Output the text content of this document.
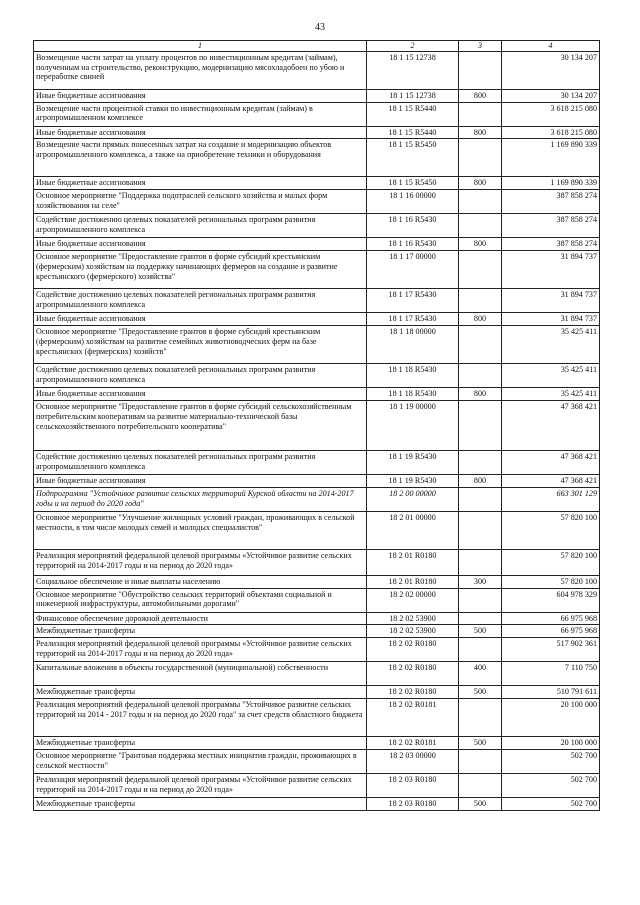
43
1	2	3	4
Возмещение части затрат на уплату процентов по инвестиционным кредитам (займам), полученным на строительство, реконструкцию, модернизацию мясохладобоен по убою и переработке свиней	18 1 15 12738		30 134 207
Иные бюджетные ассигнования	18 1 15 12738	800	30 134 207
Возмещение части процентной ставки по инвестиционным кредитам (займам) в агропромышленном комплексе	18 1 15 R5440		3 618 215 080
Иные бюджетные ассигнования	18 1 15 R5440	800	3 618 215 080
Возмещение части прямых понесенных затрат на создание и модернизацию объектов агропромышленного комплекса, а также на приобретение техники и оборудования	18 1 15 R5450		1 169 890 339
Иные бюджетные ассигнования	18 1 15 R5450	800	1 169 890 339
Основное мероприятие "Поддержка подотраслей сельского хозяйства и малых форм хозяйствования на селе"	18 1 16 00000		387 858 274
Содействие достижению целевых показателей региональных программ развития агропромышленного комплекса	18 1 16 R5430		387 858 274
Иные бюджетные ассигнования	18 1 16 R5430	800	387 858 274
Основное мероприятие "Предоставление грантов в форме субсидий крестьянским (фермерским) хозяйствам на поддержку начинающих фермеров на создание и развитие крестьянского (фермерского) хозяйства"	18 1 17 00000		31 894 737
Содействие достижению целевых показателей региональных программ развития агропромышленного комплекса	18 1 17 R5430		31 894 737
Иные бюджетные ассигнования	18 1 17 R5430	800	31 894 737
Основное мероприятие "Предоставление грантов в форме субсидий крестьянским (фермерским) хозяйствам на развитие семейных животноводческих ферм на базе крестьянских (фермерских) хозяйств"	18 1 18 00000		35 425 411
Содействие достижению целевых показателей региональных программ развития агропромышленного комплекса	18 1 18 R5430		35 425 411
Иные бюджетные ассигнования	18 1 18 R5430	800	35 425 411
Основное мероприятие "Предоставление грантов в форме субсидий сельскохозяйственным потребительским кооперативам на развитие материально-технической базы сельскохозяйственного потребительского кооператива"	18 1 19 00000		47 368 421
Содействие достижению целевых показателей региональных программ развития агропромышленного комплекса	18 1 19 R5430		47 368 421
Иные бюджетные ассигнования	18 1 19 R5430	800	47 368 421
Подпрограмма "Устойчивое развитие сельских территорий Курской области на 2014-2017 годы и на период до 2020 года"	18 2 00 00000		663 301 129
Основное мероприятие "Улучшение жилищных условий граждан, проживающих в сельской местности, в том числе молодых семей и молодых специалистов"	18 2 01 00000		57 820 100
Реализация мероприятий федеральной целевой программы «Устойчивое развитие сельских территорий на 2014-2017 годы и на период до 2020 года»	18 2 01 R0180		57 820 100
Социальное обеспечение и иные выплаты населению	18 2 01 R0180	300	57 820 100
Основное мероприятие "Обустройство сельских территорий объектами социальной и инженерной инфраструктуры, автомобильными дорогами"	18 2 02 00000		604 978 329
Финансовое обеспечение дорожной деятельности	18 2 02 53900		66 975 968
Межбюджетные трансферты	18 2 02 53900	500	66 975 968
Реализация мероприятий федеральной целевой программы «Устойчивое развитие сельских территорий на 2014-2017 годы и на период до 2020 года»	18 2 02 R0180		517 902 361
Капитальные вложения в объекты государственной (муниципальной) собственности	18 2 02 R0180	400	7 110 750
Межбюджетные трансферты	18 2 02 R0180	500	510 791 611
Реализация мероприятий федеральной целевой программы "Устойчивое развитие сельских территорий на 2014 - 2017 годы и на период до 2020 года" за счет средств областного бюджета	18 2 02 R0181		20 100 000
Межбюджетные трансферты	18 2 02 R0181	500	20 100 000
Основное мероприятие "Грантовая поддержка местных инициатив граждан, проживающих в сельской местности"	18 2 03 00000		502 700
Реализация мероприятий федеральной целевой программы «Устойчивое развитие сельских территорий на 2014-2017 годы и на период до 2020 года»	18 2 03 R0180		502 700
Межбюджетные трансферты	18 2 03 R0180	500	502 700
